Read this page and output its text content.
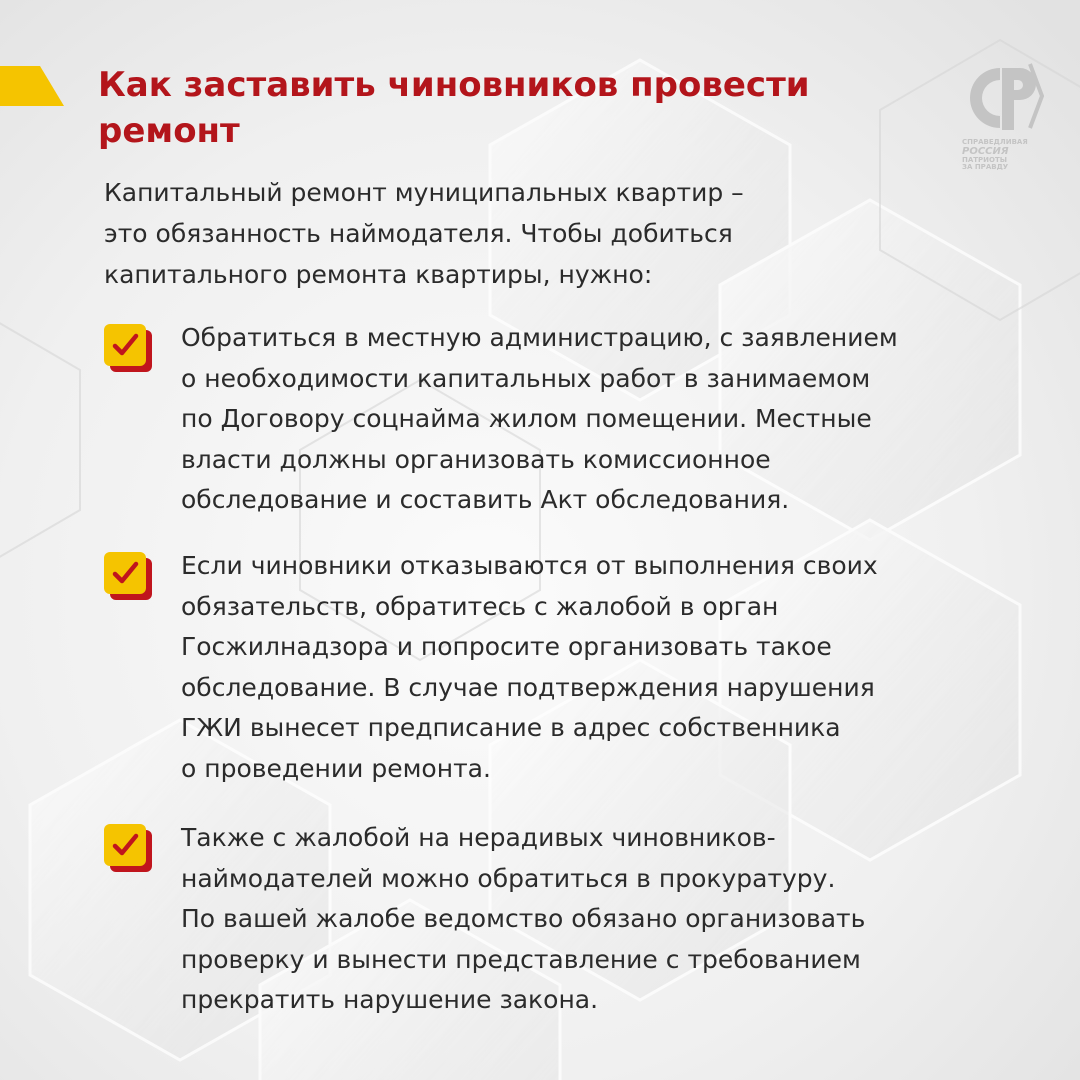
СПРАВЕДЛИВАЯ
РОССИЯ
ПАТРИОТЫ
ЗА ПРАВДУ
Как заставить чиновников провести
ремонт

Капитальный ремонт муниципальных квартир –
это обязанность наймодателя. Чтобы добиться
капитального ремонта квартиры, нужно:

Обратиться в местную администрацию, с заявлением
о необходимости капитальных работ в занимаемом
по Договору соцнайма жилом помещении. Местные
власти должны организовать комиссионное
обследование и составить Акт обследования.

Если чиновники отказываются от выполнения своих
обязательств, обратитесь с жалобой в орган
Госжилнадзора и попросите организовать такое
обследование. В случае подтверждения нарушения
ГЖИ вынесет предписание в адрес собственника
о проведении ремонта.

Также с жалобой на нерадивых чиновников-
наймодателей можно обратиться в прокуратуру.
По вашей жалобе ведомство обязано организовать
проверку и вынести представление с требованием
прекратить нарушение закона.
